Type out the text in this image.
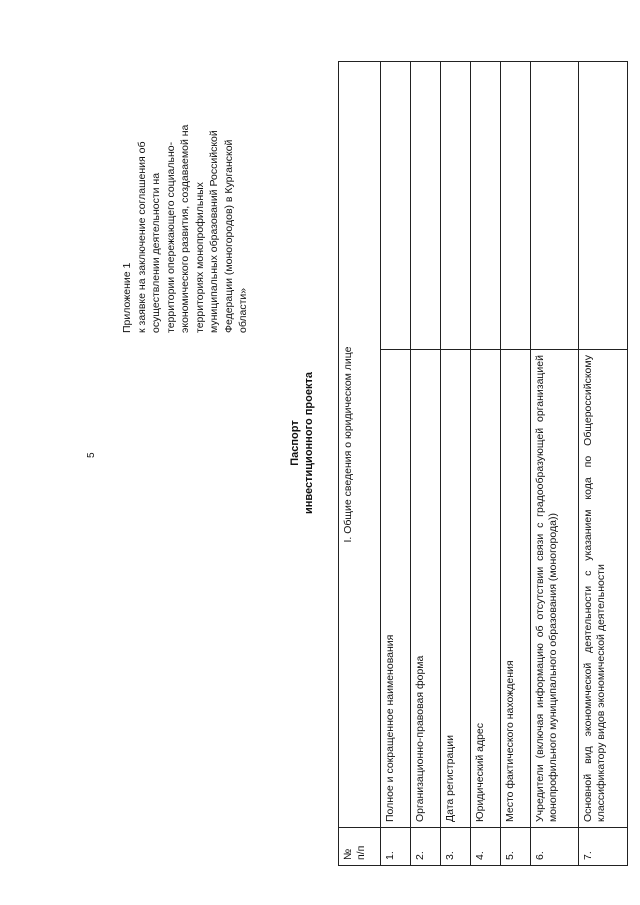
5
Приложение 1 к заявке на заключение соглашения об осуществлении деятельности на территории опережающего социально- экономического развития, создаваемой на территориях монопрофильных муниципальных образований Российской Федерации (моногородов) в Курганской области»
Паспорт инвестиционного проекта
№ п/п	I. Общие сведения о юридическом лице	
1.	Полное и сокращенное наименования	
2.	Организационно-правовая форма	
3.	Дата регистрации	
4.	Юридический адрес	
5.	Место фактического нахождения	
6.	Учредители (включая информацию об отсутствии связи с градообразующей организацией монопрофильного муниципального образования (моногорода))	
7.	Основной вид экономической деятельности с указанием кода по Общероссийскому классификатору видов экономической деятельности	
